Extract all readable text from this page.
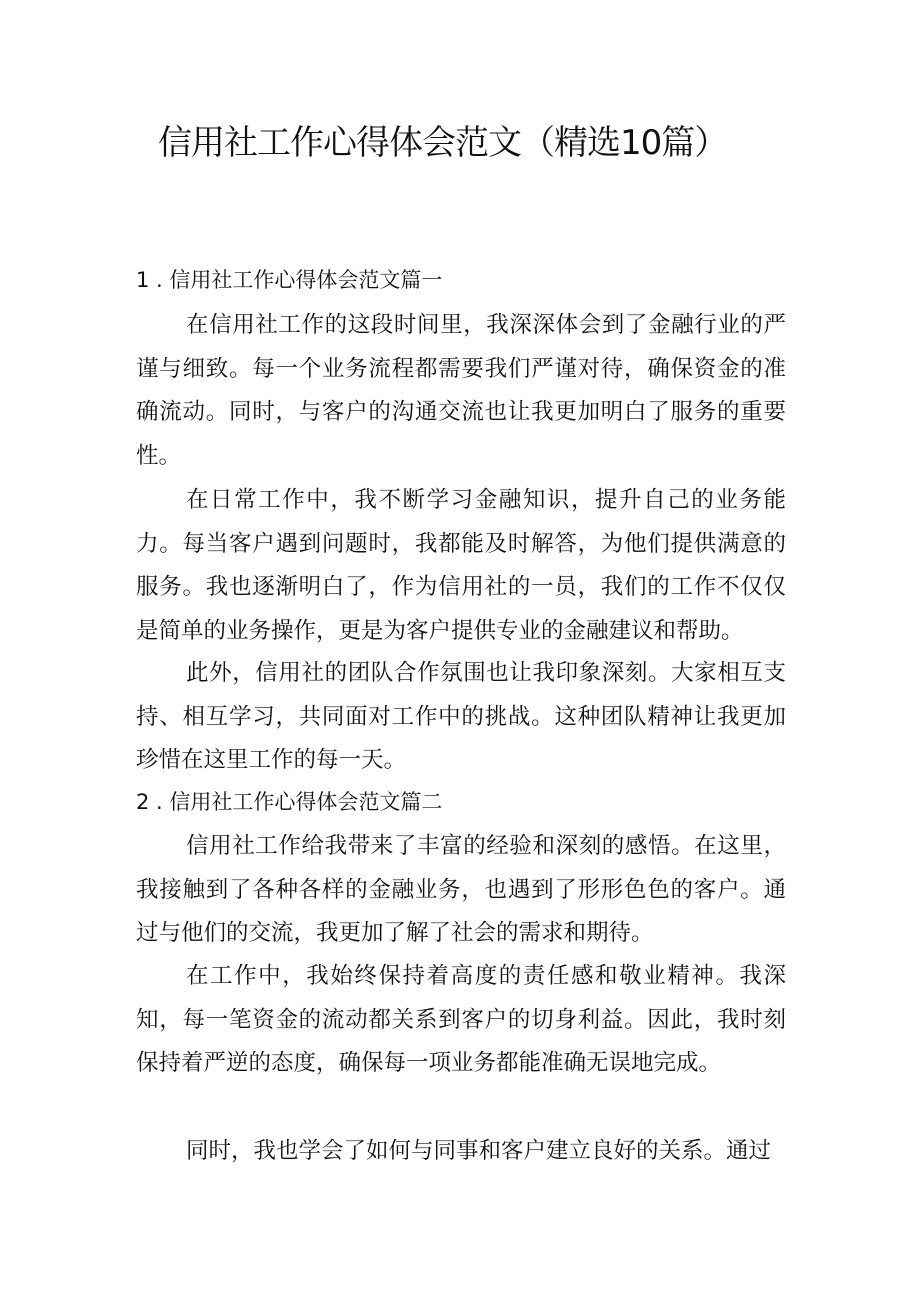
信用社工作心得体会范文（精选10篇）
1 . 信用社工作心得体会范文篇一

在信用社工作的这段时间里，我深深体会到了金融行业的严谨与细致。每一个业务流程都需要我们严谨对待，确保资金的准确流动。同时，与客户的沟通交流也让我更加明白了服务的重要性。

在日常工作中，我不断学习金融知识，提升自己的业务能力。每当客户遇到问题时，我都能及时解答，为他们提供满意的服务。我也逐渐明白了，作为信用社的一员，我们的工作不仅仅是简单的业务操作，更是为客户提供专业的金融建议和帮助。

此外，信用社的团队合作氛围也让我印象深刻。大家相互支持、相互学习，共同面对工作中的挑战。这种团队精神让我更加珍惜在这里工作的每一天。

2 . 信用社工作心得体会范文篇二

信用社工作给我带来了丰富的经验和深刻的感悟。在这里，我接触到了各种各样的金融业务，也遇到了形形色色的客户。通过与他们的交流，我更加了解了社会的需求和期待。

在工作中，我始终保持着高度的责任感和敬业精神。我深知，每一笔资金的流动都关系到客户的切身利益。因此，我时刻保持着严逆的态度，确保每一项业务都能准确无误地完成。

同时，我也学会了如何与同事和客户建立良好的关系。通过
